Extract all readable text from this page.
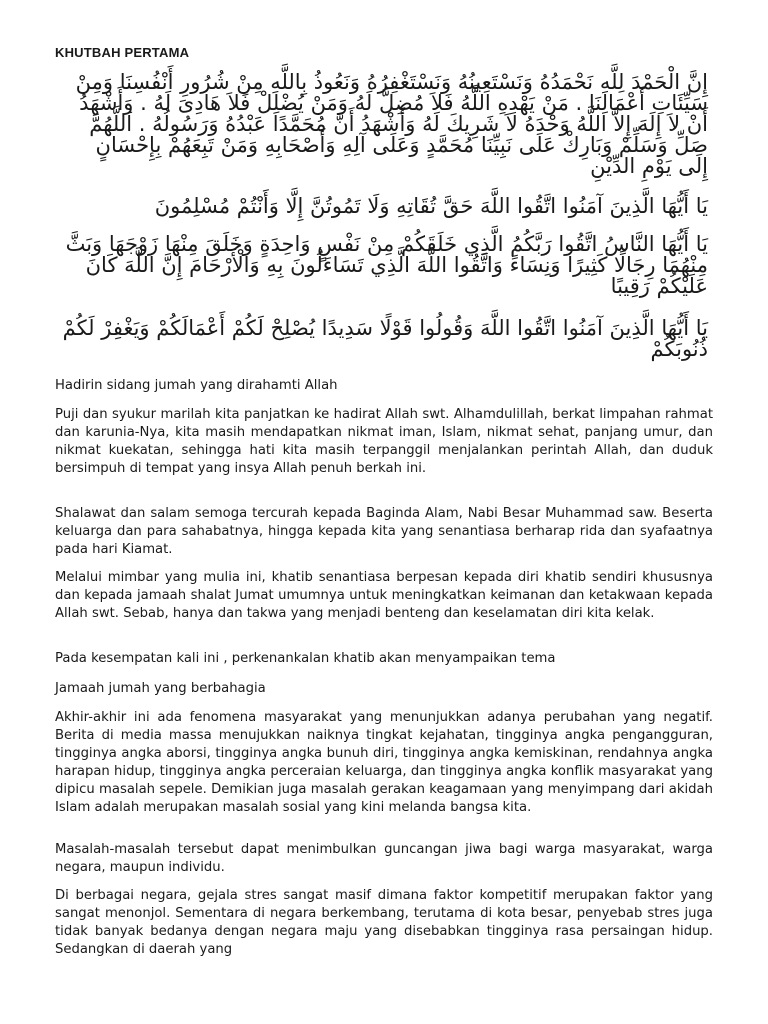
KHUTBAH PERTAMA
إِنَّ الْحَمْدَ لِلَّهِ نَحْمَدُهُ وَنَسْتَعِينُهُ وَنَسْتَغْفِرُهُ وَنَعُوذُ بِاللَّهِ مِنْ شُرُورِ أَنْفُسِنَا وَمِنْ سَيِّئَاتِ أَعْمَالِنَا . مَنْ يَهْدِهِ اللَّهُ فَلاَ مُضِلَّ لَهُ وَمَنْ يُضْلِلْ فَلاَ هَادِىَ لَهُ . وَأَشْهَدُ أَنْ لاَ إِلَهَ إِلاَّ اللَّهُ وَحْدَهُ لاَ شَرِيكَ لَهُ وَأَشْهَدُ أَنَّ مُحَمَّدًا عَبْدُهُ وَرَسُولُهُ . اَللَّهُمَّ صَلِّ وَسَلِّمْ وَبَارِكْ عَلَى نَبِيِّنَا مُحَمَّدٍ وَعَلَى آلِهِ وَأَصْحَابِهِ وَمَنْ تَبِعَهُمْ بِإِحْسَانٍ إِلَى يَوْمِ الدِّيْنِ
يَا أَيُّهَا الَّذِينَ آمَنُوا اتَّقُوا اللَّهَ حَقَّ تُقَاتِهِ وَلَا تَمُوتُنَّ إِلَّا وَأَنْتُمْ مُسْلِمُونَ
يَا أَيُّهَا النَّاسُ اتَّقُوا رَبَّكُمُ الَّذِي خَلَقَكُمْ مِنْ نَفْسٍ وَاحِدَةٍ وَخَلَقَ مِنْهَا زَوْجَهَا وَبَثَّ مِنْهُمَا رِجَالًا كَثِيرًا وَنِسَاءً وَاتَّقُوا اللَّهَ الَّذِي تَسَاءَلُونَ بِهِ وَالْأَرْحَامَ إِنَّ اللَّهَ كَانَ عَلَيْكُمْ رَقِيبًا
يَا أَيُّهَا الَّذِينَ آمَنُوا اتَّقُوا اللَّهَ وَقُولُوا قَوْلًا سَدِيدًا يُصْلِحْ لَكُمْ أَعْمَالَكُمْ وَيَغْفِرْ لَكُمْ ذُنُوبَكُمْ
Hadirin sidang jumah yang dirahamti Allah
Puji dan syukur marilah kita panjatkan ke hadirat Allah swt. Alhamdulillah, berkat limpahan rahmat dan karunia-Nya, kita masih mendapatkan nikmat iman, Islam, nikmat sehat, panjang umur, dan nikmat kuekatan, sehingga hati kita masih terpanggil menjalankan perintah Allah, dan duduk bersimpuh di tempat yang insya Allah penuh berkah ini.
Shalawat dan salam semoga tercurah kepada Baginda Alam, Nabi Besar Muhammad saw. Beserta keluarga dan para sahabatnya, hingga kepada kita yang senantiasa berharap rida dan syafaatnya pada hari Kiamat.
Melalui mimbar yang mulia ini, khatib senantiasa berpesan kepada diri khatib sendiri khususnya dan kepada jamaah shalat Jumat umumnya untuk meningkatkan keimanan dan ketakwaan kepada Allah swt. Sebab, hanya dan takwa yang menjadi benteng dan keselamatan diri kita kelak.
Pada kesempatan kali ini , perkenankalan khatib akan menyampaikan tema
Jamaah jumah yang berbahagia
Akhir-akhir ini ada fenomena masyarakat yang menunjukkan adanya perubahan yang negatif. Berita di media massa menujukkan naiknya tingkat kejahatan, tingginya angka pengangguran, tingginya angka aborsi, tingginya angka bunuh diri, tingginya angka kemiskinan, rendahnya angka harapan hidup, tingginya angka perceraian keluarga, dan tingginya angka konflik masyarakat yang dipicu masalah sepele. Demikian juga masalah gerakan keagamaan yang menyimpang dari akidah Islam adalah merupakan masalah sosial yang kini melanda bangsa kita.
Masalah-masalah tersebut dapat menimbulkan guncangan jiwa bagi warga masyarakat, warga negara, maupun individu.
Di berbagai negara, gejala stres sangat masif dimana faktor kompetitif merupakan faktor yang sangat menonjol. Sementara di negara berkembang, terutama di kota besar, penyebab stres juga tidak banyak bedanya dengan negara maju yang disebabkan tingginya rasa persaingan hidup. Sedangkan di daerah yang
